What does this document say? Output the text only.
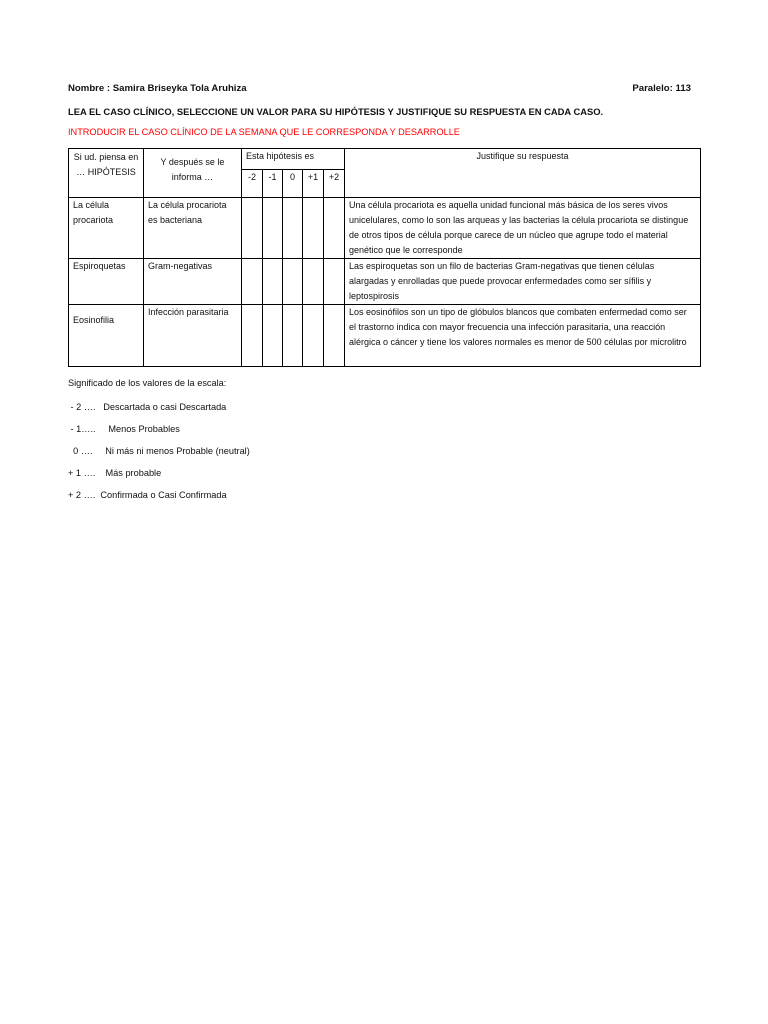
Nombre : Samira Briseyka Tola Aruhiza	Paralelo: 113
LEA EL CASO CLÍNICO, SELECCIONE UN VALOR PARA SU HIPÓTESIS Y JUSTIFIQUE SU RESPUESTA EN CADA CASO.
INTRODUCIR EL CASO CLÍNICO DE LA SEMANA QUE LE CORRESPONDA Y DESARROLLE
Si ud. piensa en … HIPÓTESIS	Y después se le informa …	Esta hipótesis es					Justifique su respuesta
		-2	-1	0	+1	+2	
La célula procariota	La célula procariota es bacteriana						Una célula procariota es aquella unidad funcional más básica de los seres vivos unicelulares, como lo son las arqueas y las bacterias la célula procariota se distingue de otros tipos de célula porque carece de un núcleo que agrupe todo el material genético que le corresponde
Espiroquetas	Gram-negativas						Las espiroquetas son un filo de bacterias Gram-negativas que tienen células alargadas y enrolladas que puede provocar enfermedades como ser sífilis y leptospirosis
Eosinofilia	Infección parasitaria						Los eosinófilos son un tipo de glóbulos blancos que combaten enfermedad como ser el trastorno indica con mayor frecuencia una infección parasitaria, una reacción alérgica o cáncer y tiene los valores normales es menor de 500 células por microlitro
Significado de los valores de la escala:
- 2 ….   Descartada o casi Descartada
- 1…..     Menos Probables
0 ….     Ni más ni menos Probable (neutral)
+ 1 ….    Más probable
+ 2 ….  Confirmada o Casi Confirmada
